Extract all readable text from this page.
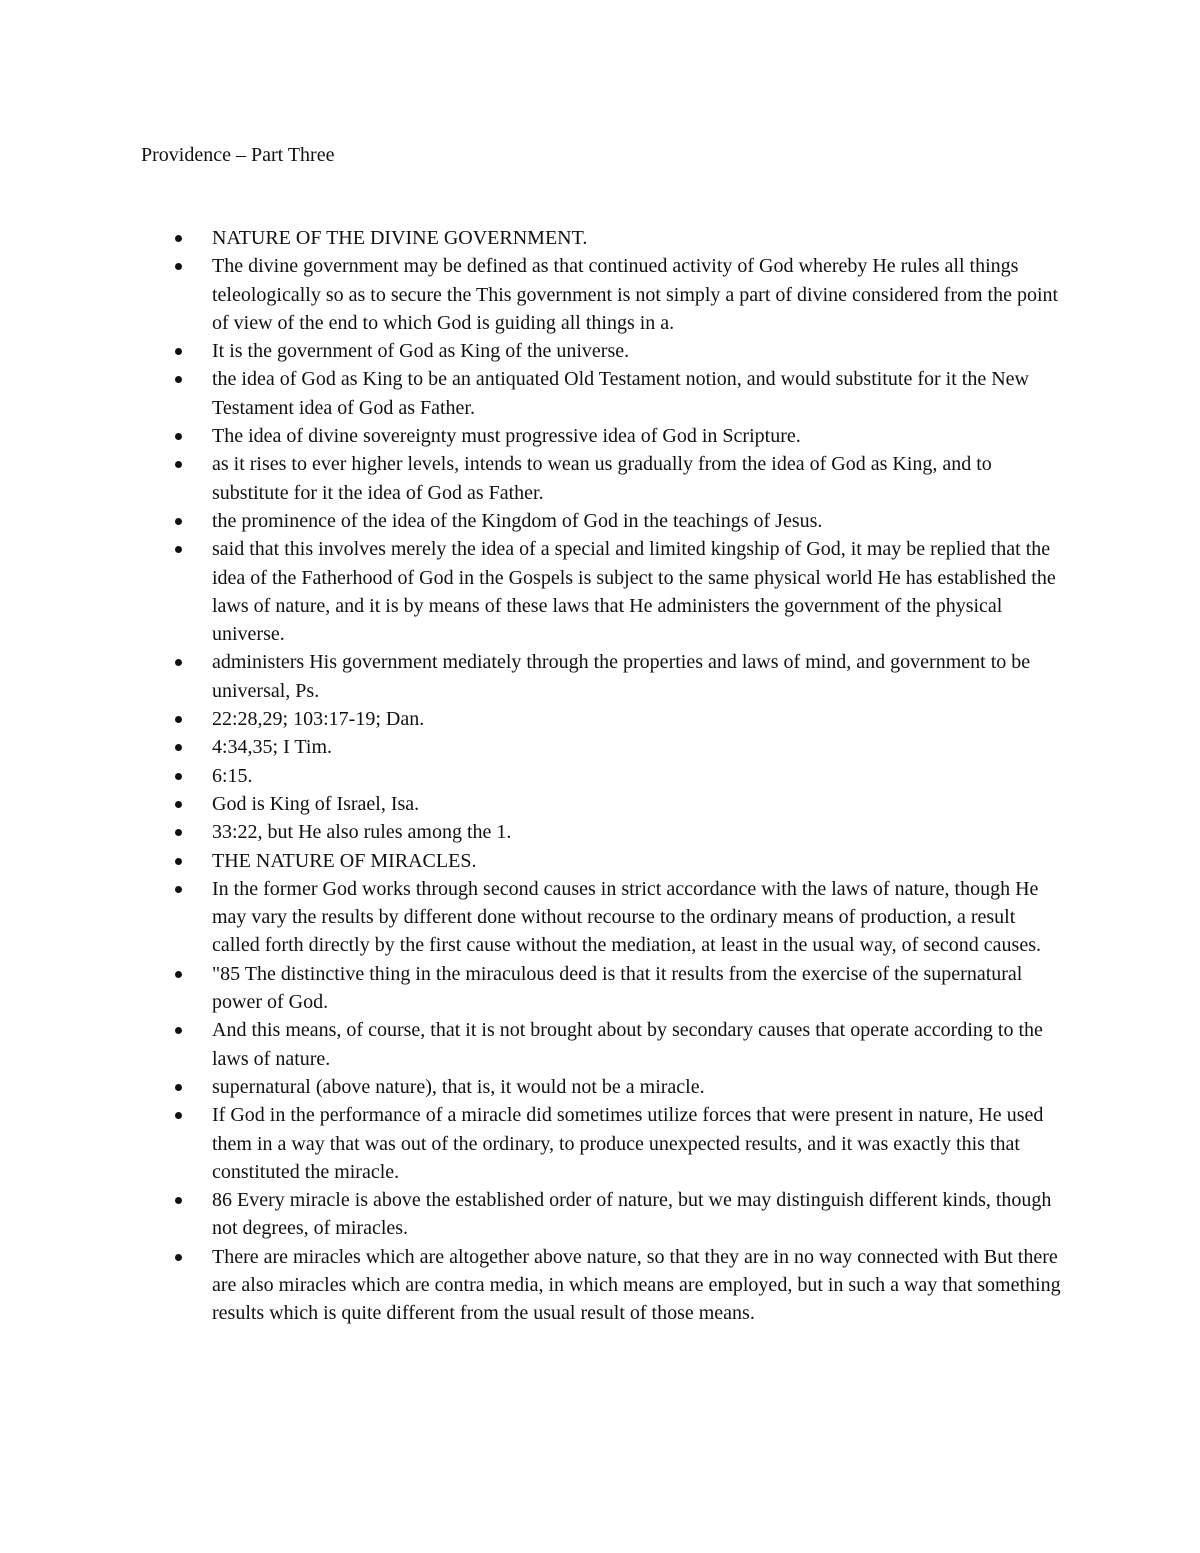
Providence – Part Three
NATURE OF THE DIVINE GOVERNMENT.
The divine government may be defined as that continued activity of God whereby He rules all things teleologically so as to secure the This government is not simply a part of divine considered from the point of view of the end to which God is guiding all things in a.
It is the government of God as King of the universe.
the idea of God as King to be an antiquated Old Testament notion, and would substitute for it the New Testament idea of God as Father.
The idea of divine sovereignty must progressive idea of God in Scripture.
as it rises to ever higher levels, intends to wean us gradually from the idea of God as King, and to substitute for it the idea of God as Father.
the prominence of the idea of the Kingdom of God in the teachings of Jesus.
said that this involves merely the idea of a special and limited kingship of God, it may be replied that the idea of the Fatherhood of God in the Gospels is subject to the same physical world He has established the laws of nature, and it is by means of these laws that He administers the government of the physical universe.
administers His government mediately through the properties and laws of mind, and government to be universal, Ps.
22:28,29; 103:17-19; Dan.
4:34,35; I Tim.
6:15.
God is King of Israel, Isa.
33:22, but He also rules among the 1.
THE NATURE OF MIRACLES.
In the former God works through second causes in strict accordance with the laws of nature, though He may vary the results by different done without recourse to the ordinary means of production, a result called forth directly by the first cause without the mediation, at least in the usual way, of second causes.
"85 The distinctive thing in the miraculous deed is that it results from the exercise of the supernatural power of God.
And this means, of course, that it is not brought about by secondary causes that operate according to the laws of nature.
supernatural (above nature), that is, it would not be a miracle.
If God in the performance of a miracle did sometimes utilize forces that were present in nature, He used them in a way that was out of the ordinary, to produce unexpected results, and it was exactly this that constituted the miracle.
86 Every miracle is above the established order of nature, but we may distinguish different kinds, though not degrees, of miracles.
There are miracles which are altogether above nature, so that they are in no way connected with But there are also miracles which are contra media, in which means are employed, but in such a way that something results which is quite different from the usual result of those means.
